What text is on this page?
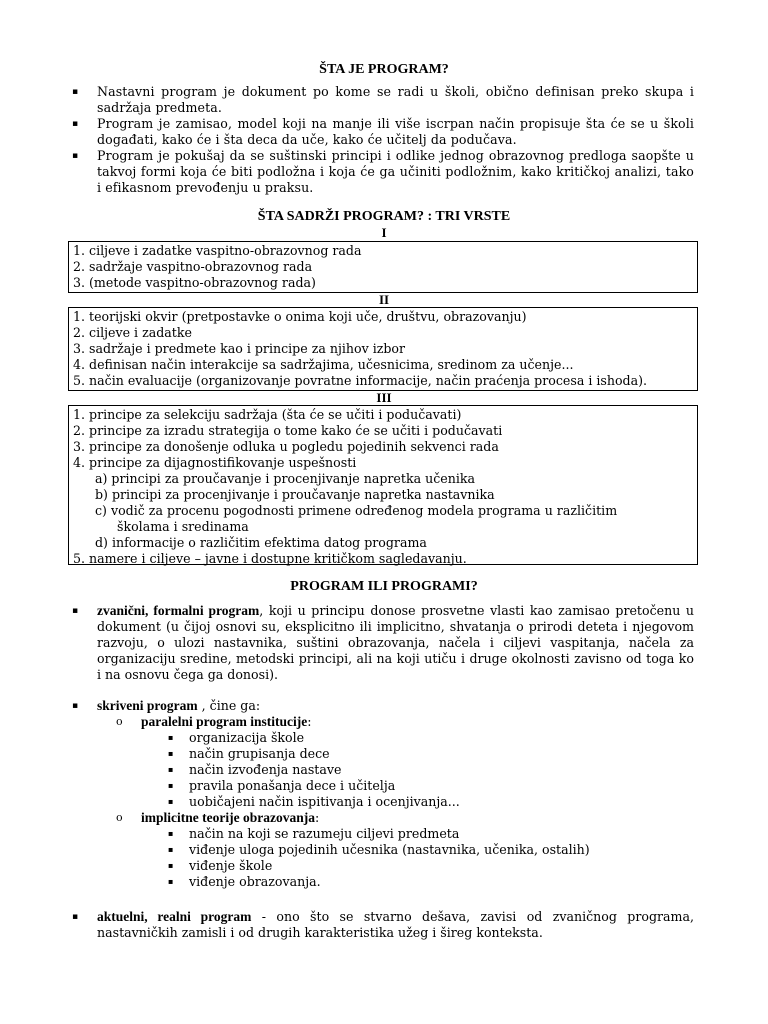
ŠTA JE PROGRAM?
▪ Nastavni program je dokument po kome se radi u školi, obično definisan preko skupa i sadržaja predmeta.
▪ Program je zamisao, model koji na manje ili više iscrpan način propisuje šta će se u školi događati, kako će i šta deca da uče, kako će učitelj da podučava.
▪ Program je pokušaj da se suštinski principi i odlike jednog obrazovnog predloga saopšte u takvoj formi koja će biti podložna i koja će ga učiniti podložnim, kako kritičkoj analizi, tako i efikasnom prevođenju u praksu.
ŠTA SADRŽI PROGRAM? : TRI VRSTE
I
1. ciljeve i zadatke vaspitno-obrazovnog rada
2. sadržaje vaspitno-obrazovnog rada
3. (metode vaspitno-obrazovnog rada)
II
1. teorijski okvir (pretpostavke o onima koji uče, društvu, obrazovanju)
2. ciljeve i zadatke
3. sadržaje i predmete kao i principe za njihov izbor
4. definisan način interakcije sa sadržajima, učesnicima, sredinom za učenje...
5. način evaluacije (organizovanje povratne informacije, način praćenja procesa i ishoda).
III
1. principe za selekciju sadržaja (šta će se učiti i podučavati)
2. principe za izradu strategija o tome kako će se učiti i podučavati
3. principe za donošenje odluka u pogledu pojedinih sekvenci rada
4. principe za dijagnostifikovanje uspešnosti
a) principi za proučavanje i procenjivanje napretka učenika
b) principi za procenjivanje i proučavanje napretka nastavnika
c) vodič za procenu pogodnosti primene određenog modela programa u različitim
školama i sredinama
d) informacije o različitim efektima datog programa
5. namere i ciljeve – javne i dostupne kritičkom sagledavanju.
PROGRAM ILI PROGRAMI?
▪ zvanični, formalni program, koji u principu donose prosvetne vlasti kao zamisao pretočenu u dokument (u čijoj osnovi su, eksplicitno ili implicitno, shvatanja o prirodi deteta i njegovom razvoju, o ulozi nastavnika, suštini obrazovanja, načela i ciljevi vaspitanja, načela za organizaciju sredine, metodski principi, ali na koji utiču i druge okolnosti zavisno od toga ko i na osnovu čega ga donosi).
▪ skriveni program , čine ga:
o paralelni program institucije:
▪ organizacija škole
▪ način grupisanja dece
▪ način izvođenja nastave
▪ pravila ponašanja dece i učitelja
▪ uobičajeni način ispitivanja i ocenjivanja...
o implicitne teorije obrazovanja:
▪ način na koji se razumeju ciljevi predmeta
▪ viđenje uloga pojedinih učesnika (nastavnika, učenika, ostalih)
▪ viđenje škole
▪ viđenje obrazovanja.
▪ aktuelni, realni program - ono što se stvarno dešava, zavisi od zvaničnog programa, nastavničkih zamisli i od drugih karakteristika užeg i šireg konteksta.
